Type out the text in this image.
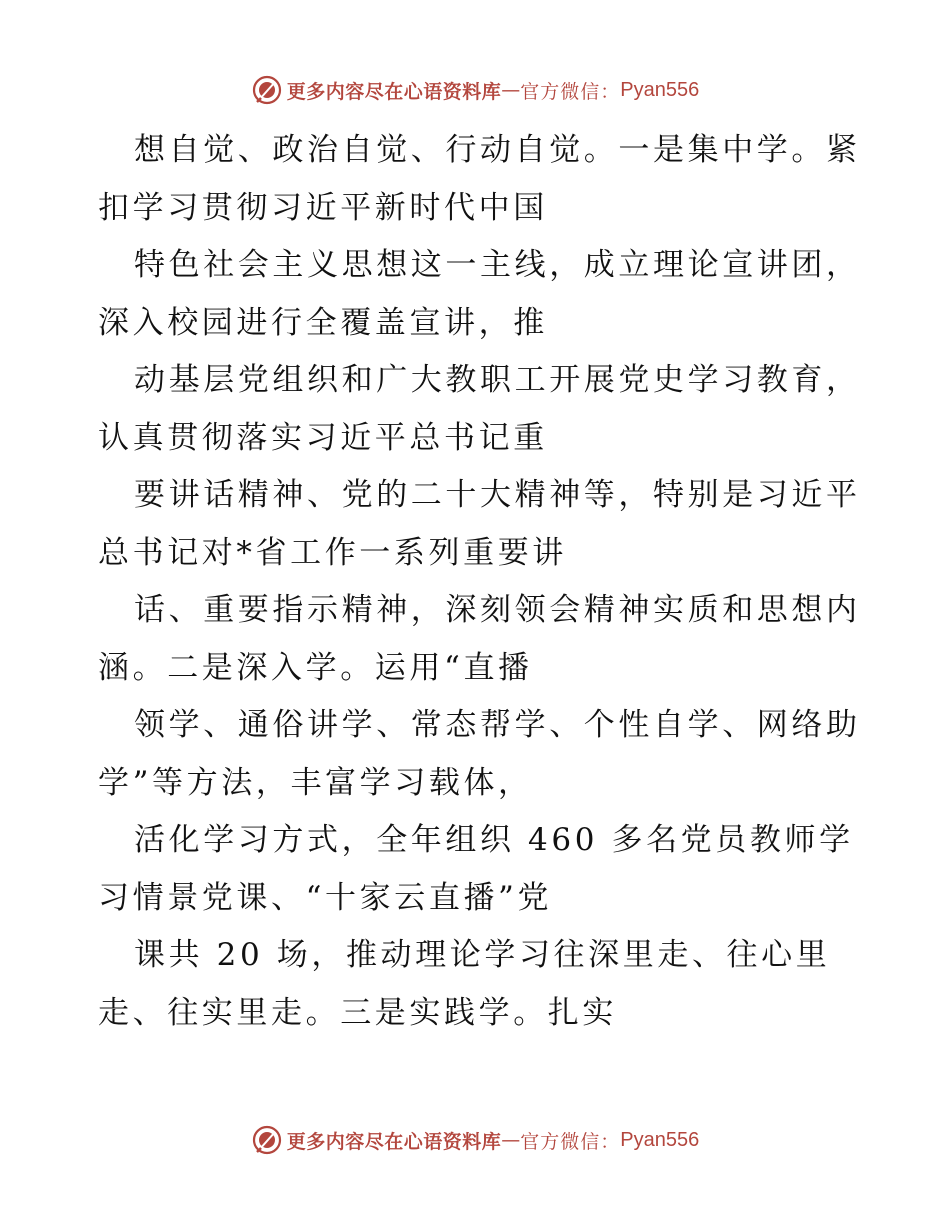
更多内容尽在心语资料库 — 官方微信： Pyan556
想自觉、政治自觉、行动自觉。一是集中学。紧
扣学习贯彻习近平新时代中国
特色社会主义思想这一主线，成立理论宣讲团，
深入校园进行全覆盖宣讲，推
动基层党组织和广大教职工开展党史学习教育，
认真贯彻落实习近平总书记重
要讲话精神、党的二十大精神等，特别是习近平
总书记对*省工作一系列重要讲
话、重要指示精神，深刻领会精神实质和思想内
涵。二是深入学。运用“直播
领学、通俗讲学、常态帮学、个性自学、网络助
学”等方法，丰富学习载体，
活化学习方式，全年组织 460 多名党员教师学
习情景党课、“十家云直播”党
课共 20 场，推动理论学习往深里走、往心里
走、往实里走。三是实践学。扎实
更多内容尽在心语资料库 — 官方微信： Pyan556
